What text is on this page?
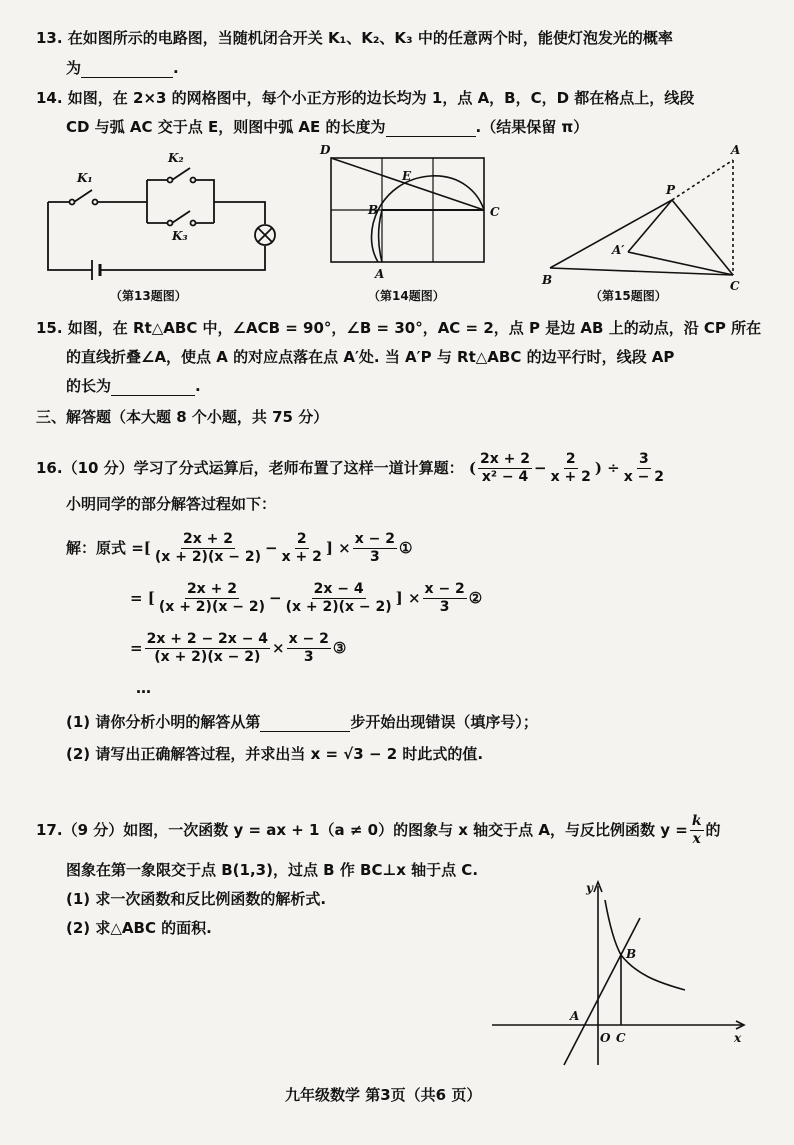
13. 在如图所示的电路图，当随机闭合开关 K₁、K₂、K₃ 中的任意两个时，能使灯泡发光的概率
为	.
14. 如图，在 2×3 的网格图中，每个小正方形的边长均为 1，点 A，B，C，D 都在格点上，线段
CD 与弧 AC 交于点 E，则图中弧 AE 的长度为	.（结果保留 π）
K₁
K₂
K₃
（第13题图）
D
E
B	C
A
（第14题图）
A
P
A′
B	C
（第15题图）
15. 如图，在 Rt△ABC 中，∠ACB = 90°，∠B = 30°，AC = 2，点 P 是边 AB 上的动点，沿 CP 所在
的直线折叠∠A，使点 A 的对应点落在点 A′处. 当 A′P 与 Rt△ABC 的边平行时，线段 AP
的长为	.
三、解答题（本大题 8 个小题，共 75 分）
16.（10 分）学习了分式运算后，老师布置了这样一道计算题： ( $\frac{2x + 2}{\text{x² − 4}} - \frac{2}{x + 2}$ ) ÷ $\frac{3}{x - 2}$
小明同学的部分解答过程如下：
解：原式 =[ $\frac{2x + 2}{(x + 2)(x - 2)} - \frac{2}{x + 2}$ ] × $\frac{x - 2}{3}$ ①
= [ $\frac{2x + 2}{(x + 2)(x - 2)} - \frac{2x - 4}{(x + 2)(x - 2)}$ ] × $\frac{x - 2}{3}$ ②
= $\frac{2x + 2 - 2x - 4}{(x + 2)(x - 2)} \times \frac{x - 2}{3}$ ③
…
(1) 请你分析小明的解答从第	步开始出现错误（填序号）；
(2) 请写出正确解答过程，并求出当 x = √3 − 2 时此式的值.
17.（9 分）如图，一次函数 y = ax + 1（a ≠ 0）的图象与 x 轴交于点 A，与反比例函数 $y = \frac{k}{x}$ 的
图象在第一象限交于点 B(1,3)，过点 B 作 BC⊥x 轴于点 C.
(1) 求一次函数和反比例函数的解析式.
(2) 求△ABC 的面积.
y
x
A
O C
B
九年级数学 第3页（共6 页）
